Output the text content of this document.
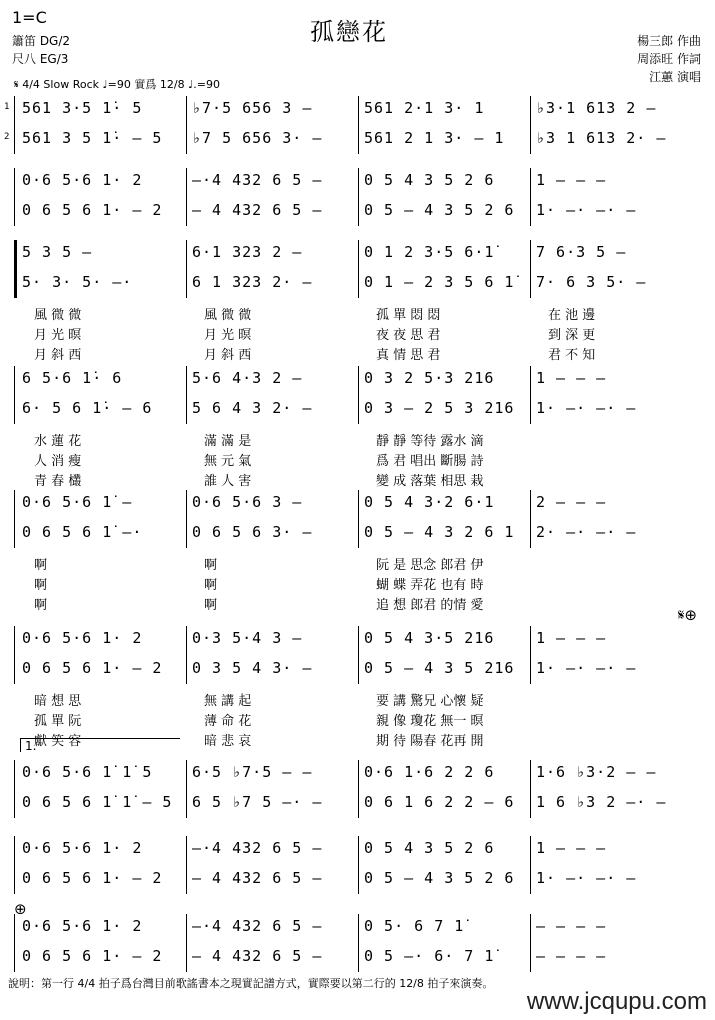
1=C
孤戀花
簫笛 DG/2
尺八 EG/3
楊三郎 作曲
周添旺 作詞
江蕙 演唱
𝄋 4/4 Slow Rock ♩=90 實爲 12/8 ♩.=90
𝄋⊕
1.
⊕
1 561 3·5 1̇· 5	♭7·5 656 3 –	561 2·1 3· 1	♭3·1 613 2 –
2 561 3 5 1̇· – 5	♭7 5 656 3· –	561 2 1 3· – 1	♭3 1 613 2· –
0·6 5·6 1· 2	–·4 432 6 5 –	0 5 4 3 5 2 6	1 – – –
0 6 5 6 1· – 2	– 4 432 6 5 –	0 5 – 4 3 5 2 6	1· –· –· –
5 3 5 –	6·1 323 2 –	0 1 2 3·5 6·1̇	7 6·3 5 –
5· 3· 5· –·	6 1 323 2· –	0 1 – 2 3 5 6 1̇	7· 6 3 5· –
風 微 微	風 微 微	孤 單 悶 悶	在 池 邊
月 光 暝	月 光 暝	夜 夜 思 君	到 深 更
月 斜 西	月 斜 西	真 情 思 君	君 不 知
6 5·6 1̇· 6	5·6 4·3 2 –	0 3 2 5·3 216	1 – – –
6· 5 6 1̇· – 6	5 6 4 3 2· –	0 3 – 2 5 3 216	1· –· –· –
水 蓮 花	滿 滿 是	靜 靜 等待 露水 滴
人 消 瘦	無 元 氣	爲 君 唱出 斷腸 詩
青 春 欉	誰 人 害	變 成 落葉 相思 栽
0·6 5·6 1̇ –	0·6 5·6 3 –	0 5 4 3·2 6·1	2 – – –
0 6 5 6 1̇ –·	0 6 5 6 3· –	0 5 – 4 3 2 6 1	2· –· –· –
啊	啊	阮 是 思念 郎君 伊
啊	啊	蝴 蝶 弄花 也有 時
啊	啊	追 想 郎君 的情 愛
0·6 5·6 1· 2	0·3 5·4 3 –	0 5 4 3·5 216	1 – – –
0 6 5 6 1· – 2	0 3 5 4 3· –	0 5 – 4 3 5 216	1· –· –· –
暗 想 思	無 講 起	要 講 驚兄 心懷 疑
孤 單 阮	薄 命 花	親 像 瓊花 無一 暝
獻 笑 容	暗 悲 哀	期 待 陽春 花再 開
0·6 5·6 1̇ 1̇ 5	6·5 ♭7·5 – –	0·6 1·6 2 2 6	1·6 ♭3·2 – –
0 6 5 6 1̇ 1̇ – 5	6 5 ♭7 5 –· –	0 6 1 6 2 2 – 6	1 6 ♭3 2 –· –
0·6 5·6 1· 2	–·4 432 6 5 –	0 5 4 3 5 2 6	1 – – –
0 6 5 6 1· – 2	– 4 432 6 5 –	0 5 – 4 3 5 2 6	1· –· –· –
0·6 5·6 1· 2	–·4 432 6 5 –	0 5· 6 7 1̇	– – – –
0 6 5 6 1· – 2	– 4 432 6 5 –	0 5 –· 6· 7 1̇	– – – –
說明：第一行 4/4 拍子爲台灣目前歌謠書本之現實記譜方式，實際要以第二行的 12/8 拍子來演奏。
www.jcqupu.com
